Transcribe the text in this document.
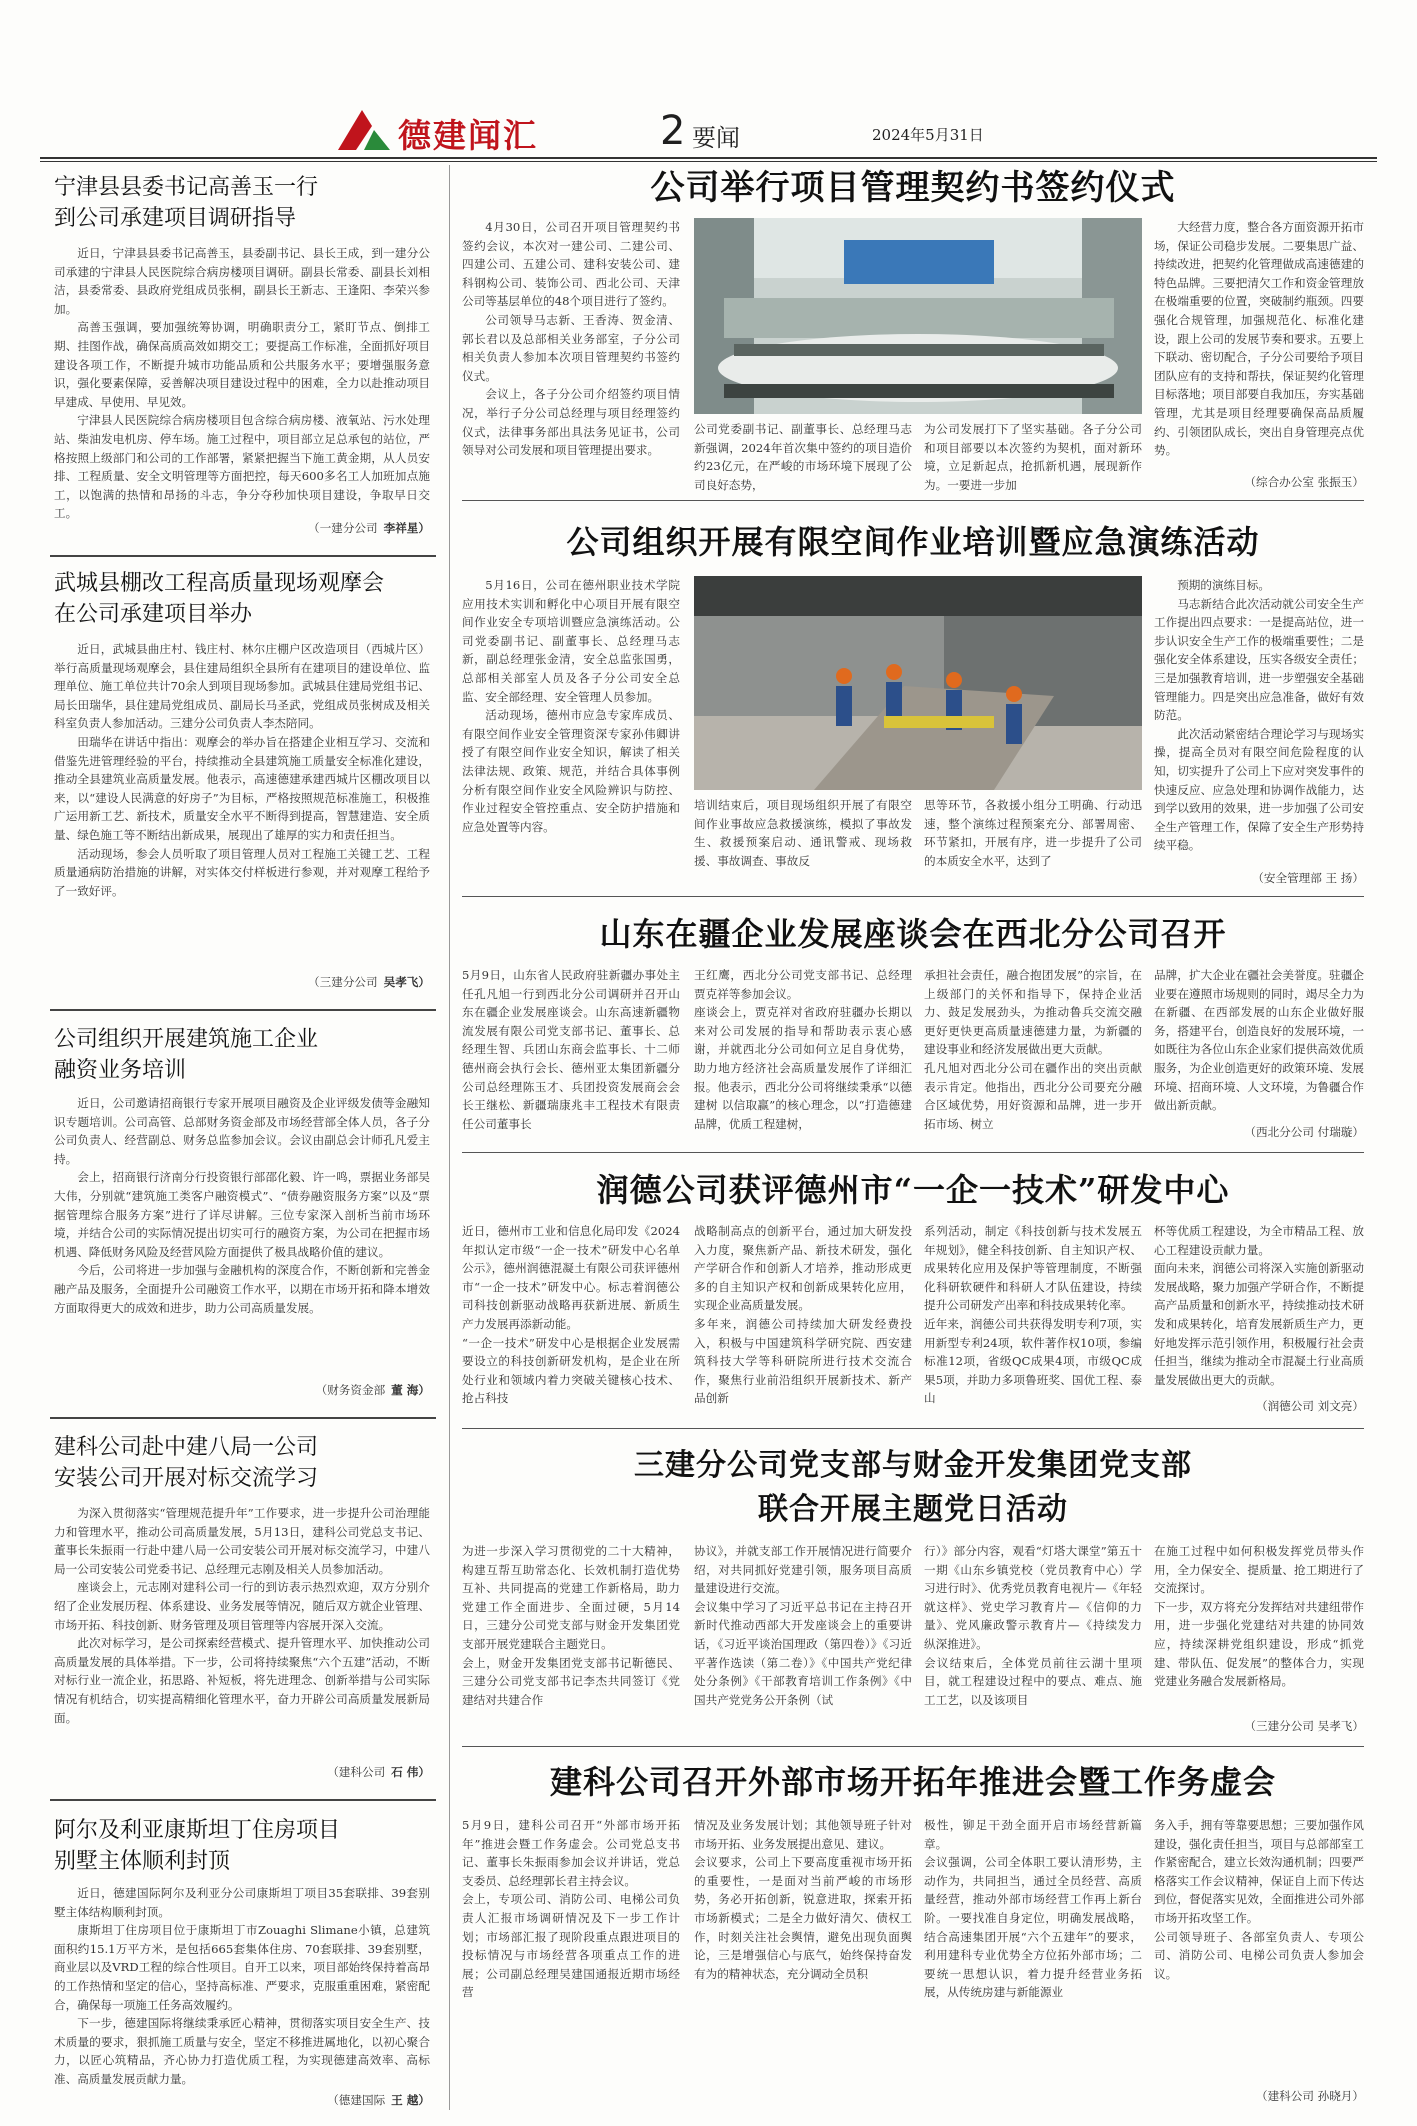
德建闻汇	2 要闻	2024年5月31日
宁津县县委书记高善玉一行
到公司承建项目调研指导

近日，宁津县县委书记高善玉，县委副书记、县长王成，到一建分公司承建的宁津县人民医院综合病房楼项目调研。副县长常委、副县长刘相洁，县委常委、县政府党组成员张桐，副县长王新志、王逢阳、李荣兴参加。

高善玉强调，要加强统筹协调，明确职责分工，紧盯节点、倒排工期、挂图作战，确保高质高效如期交工；要提高工作标准，全面抓好项目建设各项工作，不断提升城市功能品质和公共服务水平；要增强服务意识，强化要素保障，妥善解决项目建设过程中的困难，全力以赴推动项目早建成、早使用、早见效。

宁津县人民医院综合病房楼项目包含综合病房楼、液氧站、污水处理站、柴油发电机房、停车场。施工过程中，项目部立足总承包的站位，严格按照上级部门和公司的工作部署，紧紧把握当下施工黄金期，从人员安排、工程质量、安全文明管理等方面把控，每天600多名工人加班加点施工，以饱满的热情和昂扬的斗志，争分夺秒加快项目建设，争取早日交工。

（一建分公司 李祥星）
武城县棚改工程高质量现场观摩会
在公司承建项目举办

近日，武城县曲庄村、钱庄村、林尔庄棚户区改造项目（西城片区）举行高质量现场观摩会，县住建局组织全县所有在建项目的建设单位、监理单位、施工单位共计70余人到项目现场参加。武城县住建局党组书记、局长田瑞华，县住建局党组成员、副局长马圣武，党组成员张树成及相关科室负责人参加活动。三建分公司负责人李杰陪同。

田瑞华在讲话中指出：观摩会的举办旨在搭建企业相互学习、交流和借鉴先进管理经验的平台，持续推动全县建筑施工质量安全标准化建设，推动全县建筑业高质量发展。他表示，高速德建承建西城片区棚改项目以来，以“建设人民满意的好房子”为目标，严格按照规范标准施工，积极推广运用新工艺、新技术，质量安全水平不断得到提高，智慧建造、安全质量、绿色施工等不断结出新成果，展现出了雄厚的实力和责任担当。

活动现场，参会人员听取了项目管理人员对工程施工关键工艺、工程质量通病防治措施的讲解，对实体交付样板进行参观，并对观摩工程给予了一致好评。

（三建分公司 吴孝飞）
公司组织开展建筑施工企业
融资业务培训

近日，公司邀请招商银行专家开展项目融资及企业评级发债等金融知识专题培训。公司高管、总部财务资金部及市场经营部全体人员，各子分公司负责人、经营副总、财务总监参加会议。会议由副总会计师孔凡爱主持。

会上，招商银行济南分行投资银行部邵化毅、许一鸣，票据业务部吴大伟，分别就“建筑施工类客户融资模式”、“债券融资服务方案”以及“票据管理综合服务方案”进行了详尽讲解。三位专家深入剖析当前市场环境，并结合公司的实际情况提出切实可行的融资方案，为公司在把握市场机遇、降低财务风险及经营风险方面提供了极具战略价值的建议。

今后，公司将进一步加强与金融机构的深度合作，不断创新和完善金融产品及服务，全面提升公司融资工作水平，以期在市场开拓和降本增效方面取得更大的成效和进步，助力公司高质量发展。

（财务资金部 董 海）
建科公司赴中建八局一公司
安装公司开展对标交流学习

为深入贯彻落实“管理规范提升年”工作要求，进一步提升公司治理能力和管理水平，推动公司高质量发展，5月13日，建科公司党总支书记、董事长朱振雨一行赴中建八局一公司安装公司开展对标交流学习，中建八局一公司安装公司党委书记、总经理元志刚及相关人员参加活动。

座谈会上，元志刚对建科公司一行的到访表示热烈欢迎，双方分别介绍了企业发展历程、体系建设、业务发展等情况，随后双方就企业管理、市场开拓、科技创新、财务管理及项目管理等内容展开深入交流。

此次对标学习，是公司探索经营模式、提升管理水平、加快推动公司高质量发展的具体举措。下一步，公司将持续聚焦“六个五建”活动，不断对标行业一流企业，拓思路、补短板，将先进理念、创新举措与公司实际情况有机结合，切实提高精细化管理水平，奋力开辟公司高质量发展新局面。

（建科公司 石 伟）
阿尔及利亚康斯坦丁住房项目
别墅主体顺利封顶

近日，德建国际阿尔及利亚分公司康斯坦丁项目35套联排、39套别墅主体结构顺利封顶。

康斯坦丁住房项目位于康斯坦丁市Zouaghi Slimane小镇，总建筑面积约15.1万平方米，是包括665套集体住房、70套联排、39套别墅，商业层以及VRD工程的综合性项目。自开工以来，项目部始终保持着高昂的工作热情和坚定的信心，坚持高标准、严要求，克服重重困难，紧密配合，确保每一项施工任务高效履约。

下一步，德建国际将继续秉承匠心精神，贯彻落实项目安全生产、技术质量的要求，狠抓施工质量与安全，坚定不移推进属地化，以初心聚合力，以匠心筑精品，齐心协力打造优质工程，为实现德建高效率、高标准、高质量发展贡献力量。

（德建国际 王 越）
公司举行项目管理契约书签约仪式

4月30日，公司召开项目管理契约书签约会议，本次对一建公司、二建公司、四建公司、五建公司、建科安装公司、建科钢构公司、装饰公司、西北公司、天津公司等基层单位的48个项目进行了签约。

公司领导马志新、王香涛、贺金清、郭长君以及总部相关业务部室，子分公司相关负责人参加本次项目管理契约书签约仪式。

会议上，各子分公司介绍签约项目情况，举行子分公司总经理与项目经理签约仪式，法律事务部出具法务见证书，公司领导对公司发展和项目管理提出要求。

公司党委副书记、副董事长、总经理马志新强调，2024年首次集中签约的项目造价约23亿元，在严峻的市场环境下展现了公司良好态势，
为公司发展打下了坚实基础。各子分公司和项目部要以本次签约为契机，面对新环境，立足新起点，抢抓新机遇，展现新作为。一要进一步加

大经营力度，整合各方面资源开拓市场，保证公司稳步发展。二要集思广益、持续改进，把契约化管理做成高速德建的特色品牌。三要把清欠工作和资金管理放在极端重要的位置，突破制约瓶颈。四要强化合规管理，加强规范化、标准化建设，跟上公司的发展节奏和要求。五要上下联动、密切配合，子分公司要给予项目团队应有的支持和帮扶，保证契约化管理目标落地；项目部要自我加压，夯实基础管理，尤其是项目经理要确保高品质履约、引领团队成长，突出自身管理亮点优势。

（综合办公室 张振玉）
公司组织开展有限空间作业培训暨应急演练活动

5月16日，公司在德州职业技术学院应用技术实训和孵化中心项目开展有限空间作业安全专项培训暨应急演练活动。公司党委副书记、副董事长、总经理马志新，副总经理张金清，安全总监张国勇，总部相关部室人员及各子分公司安全总监、安全部经理、安全管理人员参加。

活动现场，德州市应急专家库成员、有限空间作业安全管理资深专家孙伟卿讲授了有限空间作业安全知识，解读了相关法律法规、政策、规范，并结合具体事例分析有限空间作业安全风险辨识与防控、作业过程安全管控重点、安全防护措施和应急处置等内容。

培训结束后，项目现场组织开展了有限空间作业事故应急救援演练，模拟了事故发生、救援预案启动、通讯警戒、现场救援、事故调查、事故反
思等环节，各救援小组分工明确、行动迅速，整个演练过程预案充分、部署周密、环节紧扣，开展有序，进一步提升了公司的本质安全水平，达到了

预期的演练目标。

马志新结合此次活动就公司安全生产工作提出四点要求：一是提高站位，进一步认识安全生产工作的极端重要性；二是强化安全体系建设，压实各级安全责任；三是加强教育培训，进一步塑强安全基础管理能力。四是突出应急准备，做好有效防范。

此次活动紧密结合理论学习与现场实操，提高全员对有限空间危险程度的认知，切实提升了公司上下应对突发事件的快速反应、应急处理和协调作战能力，达到学以致用的效果，进一步加强了公司安全生产管理工作，保障了安全生产形势持续平稳。

（安全管理部 王 扬）
山东在疆企业发展座谈会在西北分公司召开
5月9日，山东省人民政府驻新疆办事处主任孔凡旭一行到西北分公司调研并召开山东在疆企业发展座谈会。山东高速新疆物流发展有限公司党支部书记、董事长、总经理生智、兵团山东商会监事长、十二师德州商会执行会长、德州亚太集团新疆分公司总经理陈玉才、兵团投资发展商会会长王继松、新疆瑞康兆丰工程技术有限责任公司董事长
王红鹰，西北分公司党支部书记、总经理贾克祥等参加会议。
座谈会上，贾克祥对省政府驻疆办长期以来对公司发展的指导和帮助表示衷心感谢，并就西北分公司如何立足自身优势，助力地方经济社会高质量发展作了详细汇报。他表示，西北分公司将继续秉承“以德建树 以信取赢”的核心理念，以“打造德建品牌，优质工程建树，
承担社会责任，融合抱团发展”的宗旨，在上级部门的关怀和指导下，保持企业活力、鼓足发展劲头，为推动鲁兵交流交融更好更快更高质量速德建力量，为新疆的建设事业和经济发展做出更大贡献。
孔凡旭对西北分公司在疆作出的突出贡献表示肯定。他指出，西北分公司要充分融合区域优势，用好资源和品牌，进一步开拓市场、树立
品牌，扩大企业在疆社会美誉度。驻疆企业要在遵照市场规则的同时，竭尽全力为在新疆、在西部发展的山东企业做好服务，搭建平台，创造良好的发展环境，一如既往为各位山东企业家们提供高效优质服务，为企业创造更好的政策环境、发展环境、招商环境、人文环境，为鲁疆合作做出新贡献。
（西北分公司 付瑞璇）
润德公司获评德州市“一企一技术”研发中心
近日，德州市工业和信息化局印发《2024年拟认定市级“一企一技术”研发中心名单公示》，德州润德混凝土有限公司获评德州市“一企一技术”研发中心。标志着润德公司科技创新驱动战略再获新进展、新质生产力发展再添新动能。
“一企一技术”研发中心是根据企业发展需要设立的科技创新研发机构，是企业在所处行业和领域内着力突破关键核心技术、抢占科技
战略制高点的创新平台，通过加大研发投入力度，聚焦新产品、新技术研发，强化产学研合作和创新人才培养，推动形成更多的自主知识产权和创新成果转化应用，实现企业高质量发展。
多年来，润德公司持续加大研发经费投入，积极与中国建筑科学研究院、西安建筑科技大学等科研院所进行技术交流合作，聚焦行业前沿组织开展新技术、新产品创新
系列活动，制定《科技创新与技术发展五年规划》，健全科技创新、自主知识产权、成果转化应用及保护等管理制度，不断强化科研软硬件和科研人才队伍建设，持续提升公司研发产出率和科技成果转化率。
近年来，润德公司共获得发明专利7项，实用新型专利24项，软件著作权10项，参编标准12项，省级QC成果4项，市级QC成果5项，并助力多项鲁班奖、国优工程、泰山
杯等优质工程建设，为全市精品工程、放心工程建设贡献力量。
面向未来，润德公司将深入实施创新驱动发展战略，聚力加强产学研合作，不断提高产品质量和创新水平，持续推动技术研发和成果转化，培育发展新质生产力，更好地发挥示范引领作用，积极履行社会责任担当，继续为推动全市混凝土行业高质量发展做出更大的贡献。
（润德公司 刘文亮）
三建分公司党支部与财金开发集团党支部
联合开展主题党日活动
为进一步深入学习贯彻党的二十大精神，构建互帮互助常态化、长效机制打造优势互补、共同提高的党建工作新格局，助力党建工作全面进步、全面过硬，5月14日，三建分公司党支部与财金开发集团党支部开展党建联合主题党日。
会上，财金开发集团党支部书记靳德民、三建分公司党支部书记李杰共同签订《党建结对共建合作
协议》，并就支部工作开展情况进行简要介绍，对共同抓好党建引领，服务项目高质量建设进行交流。
会议集中学习了习近平总书记在主持召开新时代推动西部大开发座谈会上的重要讲话，《习近平谈治国理政（第四卷）》《习近平著作选读（第二卷）》《中国共产党纪律处分条例》《干部教育培训工作条例》《中国共产党党务公开条例（试
行）》部分内容，观看“灯塔大课堂”第五十一期《山东乡镇党校（党员教育中心）学习进行时》、优秀党员教育电视片—《年轻就这样》、党史学习教育片—《信仰的力量》、党风廉政警示教育片—《持续发力 纵深推进》。
会议结束后，全体党员前往云湖十里项目，就工程建设过程中的要点、难点、施工工艺，以及该项目
在施工过程中如何积极发挥党员带头作用，全力保安全、提质量、抢工期进行了交流探讨。
下一步，双方将充分发挥结对共建纽带作用，进一步强化党建结对共建的协同效应，持续深耕党组织建设，形成“抓党建、带队伍、促发展”的整体合力，实现党建业务融合发展新格局。
（三建分公司 吴孝飞）
建科公司召开外部市场开拓年推进会暨工作务虚会
5月9日，建科公司召开“外部市场开拓年”推进会暨工作务虚会。公司党总支书记、董事长朱振雨参加会议并讲话，党总支委员、总经理郭长君主持会议。
会上，专项公司、消防公司、电梯公司负责人汇报市场调研情况及下一步工作计划；市场部汇报了现阶段重点跟进项目的投标情况与市场经营各项重点工作的进展；公司副总经理吴建国通报近期市场经营
情况及业务发展计划；其他领导班子针对市场开拓、业务发展提出意见、建议。
会议要求，公司上下要高度重视市场开拓的重要性，一是面对当前严峻的市场形势，务必开拓创新，锐意进取，探索开拓市场新模式；二是全力做好清欠、债权工作，时刻关注社会舆情，避免出现负面舆论，三是增强信心与底气，始终保持奋发有为的精神状态，充分调动全员积
极性，铆足干劲全面开启市场经营新篇章。
会议强调，公司全体职工要认清形势，主动作为，共同担当，通过全员经营、高质量经营，推动外部市场经营工作再上新台阶。一要找准自身定位，明确发展战略，结合高速集团开展“六个五建年”的要求，利用建科专业优势全方位拓外部市场；二要统一思想认识，着力提升经营业务拓展，从传统房建与新能源业
务入手，拥有等靠要思想；三要加强作风建设，强化责任担当，项目与总部部室工作紧密配合，建立长效沟通机制；四要严格落实工作会议精神，保证自上而下传达到位，督促落实见效，全面推进公司外部市场开拓攻坚工作。
公司领导班子、各部室负责人、专项公司、消防公司、电梯公司负责人参加会议。
（建科公司 孙晓月）
